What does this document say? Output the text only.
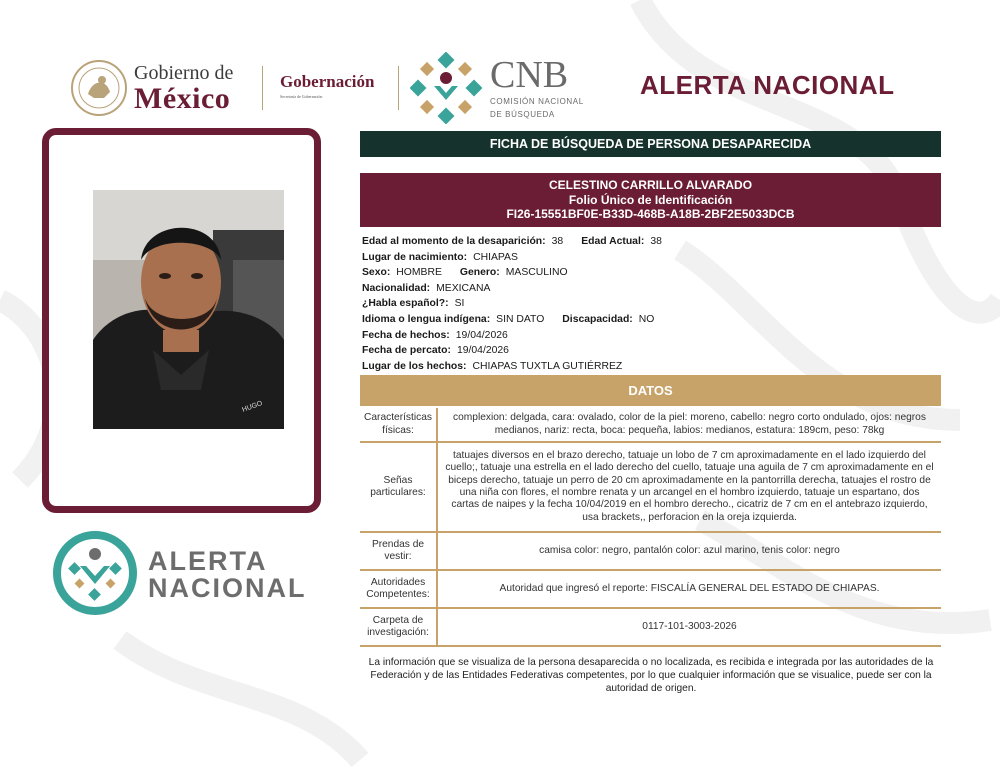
Gobierno de
México
Gobernación
Secretaría de Gobernación
CNB
COMISIÓN NACIONAL
DE BÚSQUEDA
ALERTA NACIONAL
HUGO
ALERTA
NACIONAL
FICHA DE BÚSQUEDA DE PERSONA DESAPARECIDA
CELESTINO CARRILLO ALVARADO
Folio Único de Identificación
FI26-15551BF0E-B33D-468B-A18B-2BF2E5033DCB
Edad al momento de la desaparición: 38 Edad Actual: 38
Lugar de nacimiento: CHIAPAS
Sexo: HOMBRE Genero: MASCULINO
Nacionalidad: MEXICANA
¿Habla español?: SI
Idioma o lengua indígena: SIN DATO Discapacidad: NO
Fecha de hechos: 19/04/2026
Fecha de percato: 19/04/2026
Lugar de los hechos: CHIAPAS TUXTLA GUTIÉRREZ
DATOS
Características físicas:	complexion: delgada, cara: ovalado, color de la piel: moreno, cabello: negro corto ondulado, ojos: negros medianos, nariz: recta, boca: pequeña, labios: medianos, estatura: 189cm, peso: 78kg
Señas particulares:	tatuajes diversos en el brazo derecho, tatuaje un lobo de 7 cm aproximadamente en el lado izquierdo del cuello;, tatuaje una estrella en el lado derecho del cuello, tatuaje una aguila de 7 cm aproximadamente en el biceps derecho, tatuaje un perro de 20 cm aproximadamente en la pantorrilla derecha, tatuajes el rostro de una niña con flores, el nombre renata y un arcangel en el hombro izquierdo, tatuaje un espartano, dos cartas de naipes y la fecha 10/04/2019 en el hombro derecho., cicatriz de 7 cm en el antebrazo izquierdo, usa brackets,, perforacion en la oreja izquierda.
Prendas de vestir:	camisa color: negro, pantalón color: azul marino, tenis color: negro
Autoridades Competentes:	Autoridad que ingresó el reporte: FISCALÍA GENERAL DEL ESTADO DE CHIAPAS.
Carpeta de investigación:	0117-101-3003-2026
La información que se visualiza de la persona desaparecida o no localizada, es recibida e integrada por las autoridades de la Federación y de las Entidades Federativas competentes, por lo que cualquier información que se visualice, puede ser con la autoridad de origen.
